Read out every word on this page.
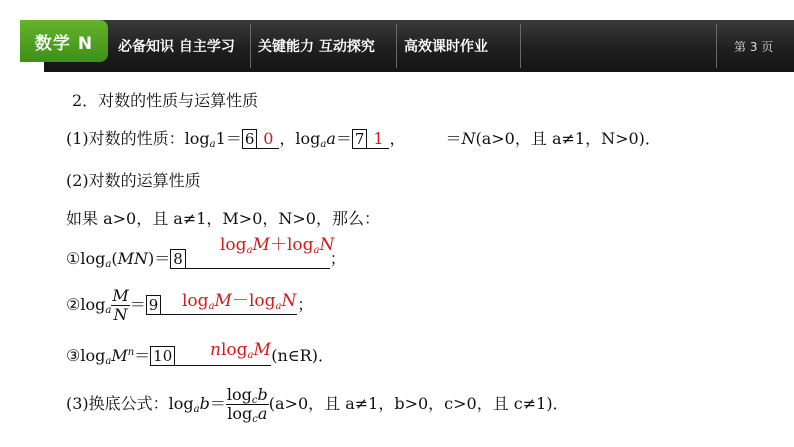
数学 N	必备知识 自主学习 关键能力 互动探究 高效课时作业	第 3 页
2．对数的性质与运算性质
(1)对数的性质：$\log_a1= 6$ 0 ，$\log_aa= 7$ 1 ，	＝N(a>0，且 a≠1，N>0)．
(2)对数的运算性质
如果 a>0，且 a≠1，M>0，N>0，那么：
$①\log_a(MN)= 8$	；
$\log_aM+\log_aN$
$②\log_a \frac{M}{N} = 9$	；
$\log_aM-\log_aN$
$③\log_aM^n= 10$	(n∈R)．
nlog$_a$M
(3)换底公式：$\log_ab= \frac{\log_cb}{\log_ca} (a>0$，且 a≠1，b>0，c>0，且 c≠1)．
